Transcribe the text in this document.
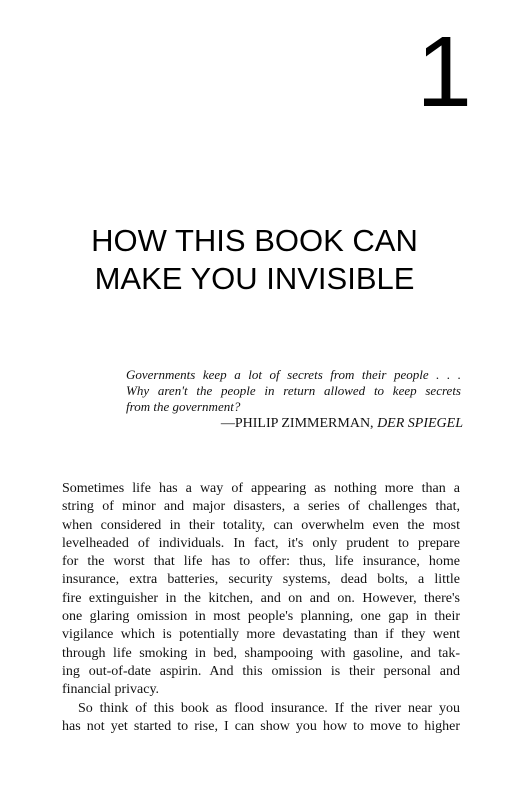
1
HOW THIS BOOK CAN
MAKE YOU INVISIBLE
Governments keep a lot of secrets from their people . . .
Why aren't the people in return allowed to keep secrets
from the government?
—PHILIP ZIMMERMAN, DER SPIEGEL
Sometimes life has a way of appearing as nothing more than a
string of minor and major disasters, a series of challenges that,
when considered in their totality, can overwhelm even the most
levelheaded of individuals. In fact, it's only prudent to prepare
for the worst that life has to offer: thus, life insurance, home
insurance, extra batteries, security systems, dead bolts, a little
fire extinguisher in the kitchen, and on and on. However, there's
one glaring omission in most people's planning, one gap in their
vigilance which is potentially more devastating than if they went
through life smoking in bed, shampooing with gasoline, and tak-
ing out-of-date aspirin. And this omission is their personal and
financial privacy.
So think of this book as flood insurance. If the river near you
has not yet started to rise, I can show you how to move to higher
